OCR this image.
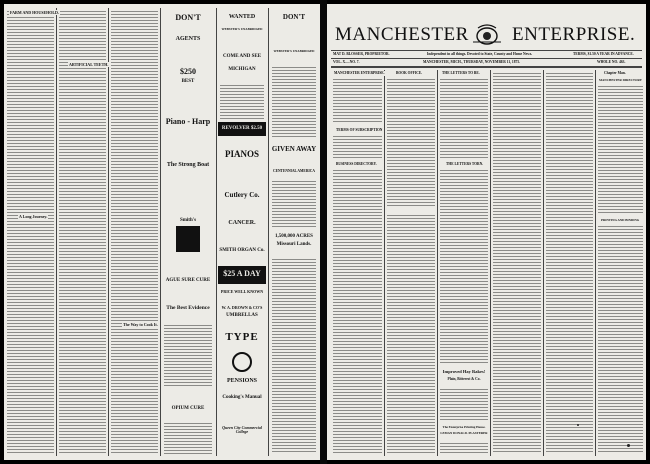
FARM AND HOUSEHOLD.
ARTIFICIAL TEETH.
The Way to Cook It.
A Long Journey.
DON'T
AGENTS
$250
BEST
Piano - Harp
The Strong Boat
Smith's
AGUE SURE CURE
The Best Evidence
OPIUM CURE
WANTED
WEBSTER'S UNABRIDGED
COME AND SEE
MICHIGAN
REVOLVER $2.50
PIANOS
Cutlery Co.
CANCER.
SMITH ORGAN Co.
$25 A DAY
PRICE WELL KNOWN
W. A. DROWN & CO'S
UMBRELLAS
TYPE
PENSIONS
Cooking's Manual
Queen City Commercial College
DON'T
WEBSTER'S UNABRIDGED
GIVEN AWAY
CENTENNIAL AMERICA
1,500,000 ACRES
Missouri Lands.
MANCHESTER ENTERPRISE.
MAT D. BLOSSER, PROPRIETOR.	Independent in all things. Devoted to State, County and Home News.	TERMS, $1.50 A YEAR IN ADVANCE.
VOL. X.—NO. 7.	MANCHESTER, MICH., THURSDAY, NOVEMBER 11, 1875.	WHOLE NO. 463.
MANCHESTER ENTERPRISE.
TERMS OF SUBSCRIPTION
BUSINESS DIRECTORY.
BOOK OFFICE.	THE LETTERS TO BE.
THE LETTERS TORN.
Improved Hay Rakes!
Plain, Bitterest & Co.
The Enterprise Printing House.
LEMAN DONALD. PLASTERER
Chapter Man.
MANCHESTER DIRECTORY
PRINTING AND BINDING
